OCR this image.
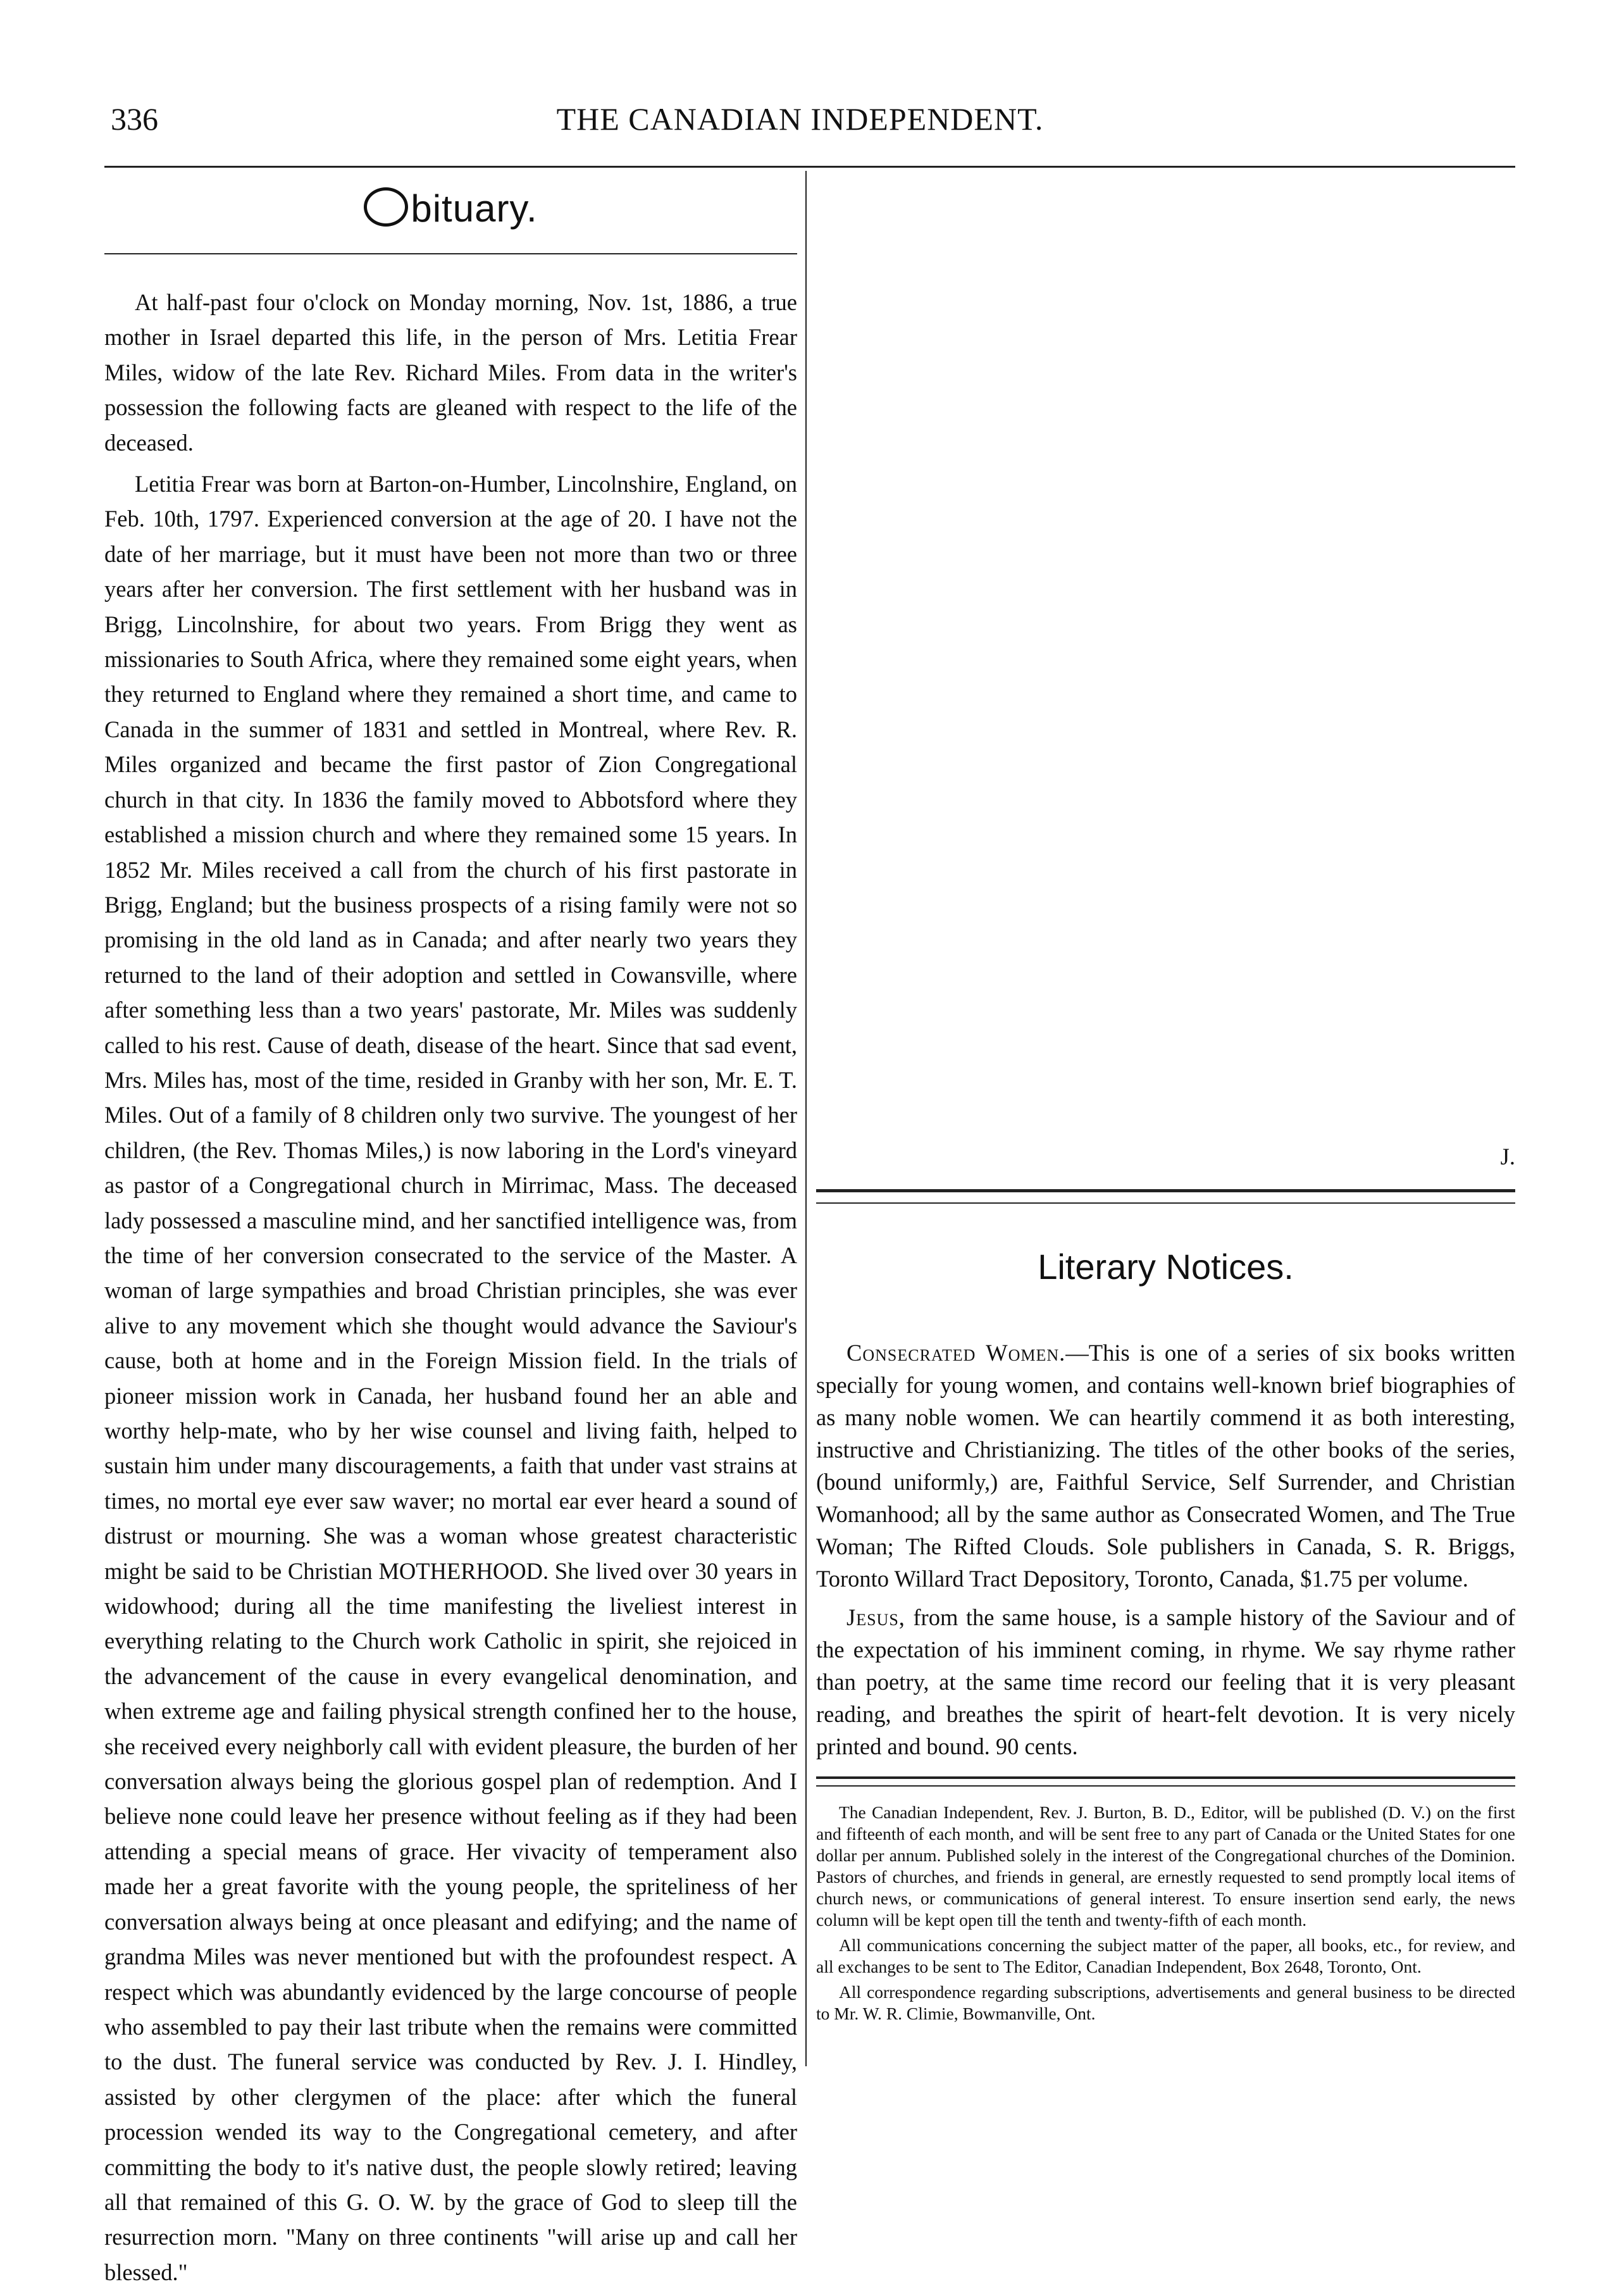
336	THE CANADIAN INDEPENDENT.
bituary.

At half-past four o'clock on Monday morning, Nov. 1st, 1886, a true mother in Israel departed this life, in the person of Mrs. Letitia Frear Miles, widow of the late Rev. Richard Miles. From data in the writer's possession the following facts are gleaned with respect to the life of the deceased.

Letitia Frear was born at Barton-on-Humber, Lincolnshire, England, on Feb. 10th, 1797. Experienced conversion at the age of 20. I have not the date of her marriage, but it must have been not more than two or three years after her conversion. The first settlement with her husband was in Brigg, Lincolnshire, for about two years. From Brigg they went as missionaries to South Africa, where they remained some eight years, when they returned to England where they remained a short time, and came to Canada in the summer of 1831 and settled in Montreal, where Rev. R. Miles organized and became the first pastor of Zion Congregational church in that city. In 1836 the family moved to Abbotsford where they established a mission church and where they remained some 15 years. In 1852 Mr. Miles received a call from the church of his first pastorate in Brigg, England; but the business prospects of a rising family were not so promising in the old land as in Canada; and after nearly two years they returned to the land of their adoption and settled in Cowansville, where after something less than a two years' pastorate, Mr. Miles was suddenly called to his rest. Cause of death, disease of the heart. Since that sad event, Mrs. Miles has, most of the time, resided in Granby with her son, Mr. E. T. Miles. Out of a family of 8 children only two survive. The youngest of her children, (the Rev. Thomas Miles,) is now laboring in the Lord's vineyard as pastor of a Congregational church in Mirrimac, Mass. The deceased lady possessed a masculine mind, and her sanctified intelligence was, from the time of her conversion consecrated to the service of the Master. A woman of large sympathies and broad Christian principles, she was ever alive to any movement which she thought would advance the Saviour's cause, both at home and in the Foreign Mission field. In the trials of pioneer mission work in Canada, her husband found her an able and worthy help-mate, who by her wise counsel and living faith, helped to sustain him under many discouragements, a faith that under vast strains at times, no mortal eye ever saw waver; no mortal ear ever heard a sound of distrust or mourning. She was a woman whose greatest characteristic might be said to be Christian MOTHERHOOD. She lived over 30 years in widowhood; during all the time manifesting the liveliest interest in everything relating to the Church work Catholic in spirit, she rejoiced in the advancement of the cause in every evangelical denomination, and when extreme age and failing physical strength confined her to the house, she received every neighborly call with evident pleasure, the burden of her conversation always being the glorious gospel plan of redemption. And I believe none could leave her presence without feeling as if they had been attending a special means of grace. Her vivacity of temperament also made her a great favorite with the young people, the spriteliness of her conversation always being at once pleasant and edifying; and the name of grandma Miles was never mentioned but with the profoundest respect. A respect which was abundantly evidenced by the large concourse of people who assembled to pay their last tribute when the remains were committed to the dust. The funeral service was conducted by Rev. J. I. Hindley, assisted by other clergymen of the place: after which the funeral procession wended its way to the Congregational cemetery, and after committing the body to it's native dust, the people slowly retired; leaving all that remained of this G. O. W. by the grace of God to sleep till the resurrection morn. "Many on three continents "will arise up and call her blessed."

J.

Literary Notices.

Consecrated Women.—This is one of a series of six books written specially for young women, and contains well-known brief biographies of as many noble women. We can heartily commend it as both interesting, instructive and Christianizing. The titles of the other books of the series, (bound uniformly,) are, Faithful Service, Self Surrender, and Christian Womanhood; all by the same author as Consecrated Women, and The True Woman; The Rifted Clouds. Sole publishers in Canada, S. R. Briggs, Toronto Willard Tract Depository, Toronto, Canada, $1.75 per volume.

Jesus, from the same house, is a sample history of the Saviour and of the expectation of his imminent coming, in rhyme. We say rhyme rather than poetry, at the same time record our feeling that it is very pleasant reading, and breathes the spirit of heart-felt devotion. It is very nicely printed and bound. 90 cents.

The Canadian Independent, Rev. J. Burton, B. D., Editor, will be published (D. V.) on the first and fifteenth of each month, and will be sent free to any part of Canada or the United States for one dollar per annum. Published solely in the interest of the Congregational churches of the Dominion. Pastors of churches, and friends in general, are ernestly requested to send promptly local items of church news, or communications of general interest. To ensure insertion send early, the news column will be kept open till the tenth and twenty-fifth of each month.

All communications concerning the subject matter of the paper, all books, etc., for review, and all exchanges to be sent to The Editor, Canadian Independent, Box 2648, Toronto, Ont.

All correspondence regarding subscriptions, advertisements and general business to be directed to Mr. W. R. Climie, Bowmanville, Ont.
